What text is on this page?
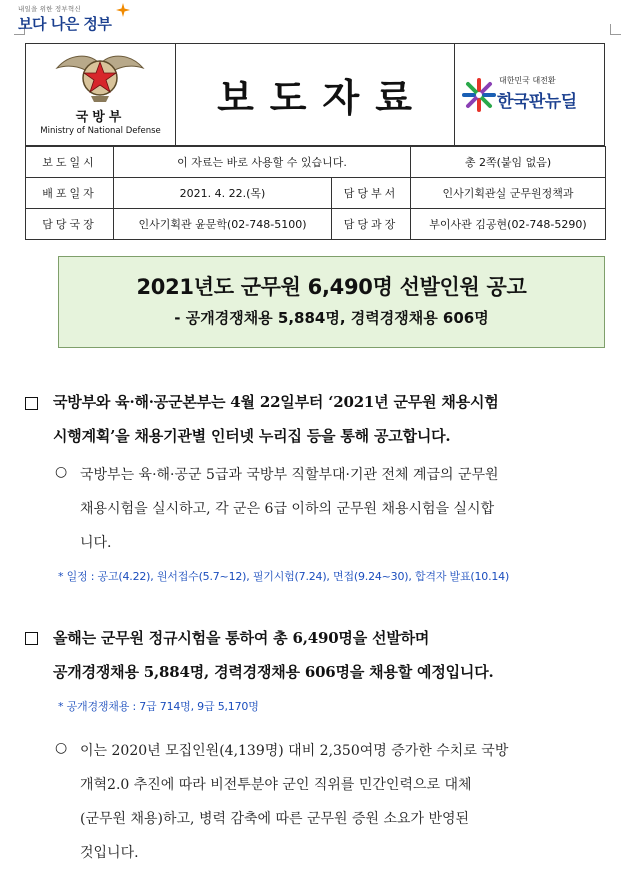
내일을 위한 정부혁신
보다 나은 정부
국방부
Ministry of National Defense
보도자료	대한민국 대전환
한국판뉴딜
보도일시	이 자료는 바로 사용할 수 있습니다.		총 2쪽(붙임 없음)
배포일자	2021. 4. 22.(목)	담당부서	인사기획관실 군무원정책과
담당국장	인사기획관 윤문학(02-748-5100)	담당과장	부이사관 김공현(02-748-5290)
2021년도 군무원 6,490명 선발인원 공고
- 공개경쟁채용 5,884명, 경력경쟁채용 606명
국방부와 육·해·공군본부는 4월 22일부터 ‘2021년 군무원 채용시험
시행계획’을 채용기관별 인터넷 누리집 등을 통해 공고합니다.
○ 국방부는 육·해·공군 5급과 국방부 직할부대·기관 전체 계급의 군무원
채용시험을 실시하고, 각 군은 6급 이하의 군무원 채용시험을 실시합
니다.
* 일정 : 공고(4.22), 원서접수(5.7~12), 필기시험(7.24), 면접(9.24~30), 합격자 발표(10.14)
올해는 군무원 정규시험을 통하여 총 6,490명을 선발하며
공개경쟁채용 5,884명, 경력경쟁채용 606명을 채용할 예정입니다.
* 공개경쟁채용 : 7급 714명, 9급 5,170명
○ 이는 2020년 모집인원(4,139명) 대비 2,350여명 증가한 수치로 국방
개혁2.0 추진에 따라 비전투분야 군인 직위를 민간인력으로 대체
(군무원 채용)하고, 병력 감축에 따른 군무원 증원 소요가 반영된
것입니다.
